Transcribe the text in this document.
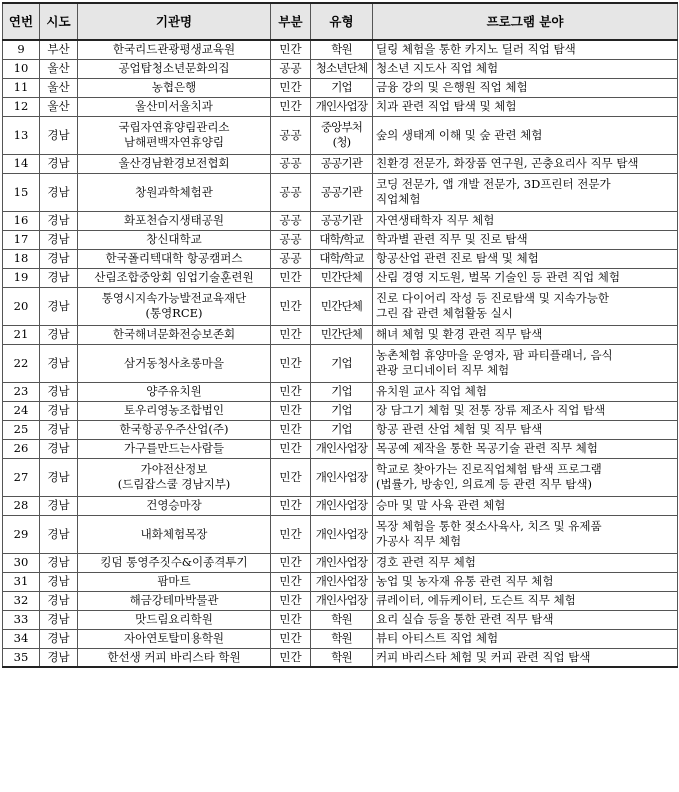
연번	시도	기관명	부분	유형	프로그램 분야
9	부산	한국리드관광평생교육원	민간	학원	딜링 체험을 통한 카지노 딜러 직업 탐색
10	울산	공업탑청소년문화의집	공공	청소년단체	청소년 지도사 직업 체험
11	울산	농협은행	민간	기업	금융 강의 및 은행원 직업 체험
12	울산	울산미서울치과	민간	개인사업장	치과 관련 직업 탐색 및 체험
13	경남	국립자연휴양림관리소
남해편백자연휴양림	공공	중앙부처(청)	숲의 생태계 이해 및 숲 관련 체험
14	경남	울산경남환경보전협회	공공	공공기관	친환경 전문가, 화장품 연구원, 곤충요리사 직무 탐색
15	경남	창원과학체험관	공공	공공기관	코딩 전문가, 앱 개발 전문가, 3D프린터 전문가
직업체험
16	경남	화포천습지생태공원	공공	공공기관	자연생태학자 직무 체험
17	경남	창신대학교	공공	대학/학교	학과별 관련 직무 및 진로 탐색
18	경남	한국폴리텍대학 항공캠퍼스	공공	대학/학교	항공산업 관련 진로 탐색 및 체험
19	경남	산림조합중앙회 임업기술훈련원	민간	민간단체	산림 경영 지도원, 벌목 기술인 등 관련 직업 체험
20	경남	통영시지속가능발전교육재단
(통영RCE)	민간	민간단체	진로 다이어리 작성 등 진로탐색 및 지속가능한
그린 잡 관련 체험활동 실시
21	경남	한국해녀문화전승보존회	민간	민간단체	해녀 체험 및 환경 관련 직무 탐색
22	경남	삼거동청사초롱마을	민간	기업	농촌체험 휴양마을 운영자, 팜 파티플래너, 음식
관광 코디네이터 직무 체험
23	경남	양주유치원	민간	기업	유치원 교사 직업 체험
24	경남	토우리영농조합법인	민간	기업	장 담그기 체험 및 전통 장류 제조사 직업 탐색
25	경남	한국항공우주산업(주)	민간	기업	항공 관련 산업 체험 및 직무 탐색
26	경남	가구를만드는사람들	민간	개인사업장	목공예 제작을 통한 목공기술 관련 직무 체험
27	경남	가야전산정보
(드림잡스쿨 경남지부)	민간	개인사업장	학교로 찾아가는 진로직업체험 탐색 프로그램
(법률가, 방송인, 의료계 등 관련 직무 탐색)
28	경남	건영승마장	민간	개인사업장	승마 및 말 사육 관련 체험
29	경남	내화체험목장	민간	개인사업장	목장 체험을 통한 젖소사육사, 치즈 및 유제품
가공사 직무 체험
30	경남	킹덤 통영주짓수&이종격투기	민간	개인사업장	경호 관련 직무 체험
31	경남	팜마트	민간	개인사업장	농업 및 농자재 유통 관련 직무 체험
32	경남	해금강테마박물관	민간	개인사업장	큐레이터, 에듀케이터, 도슨트 직무 체험
33	경남	맛드림요리학원	민간	학원	요리 실습 등을 통한 관련 직무 탐색
34	경남	자아연토탈미용학원	민간	학원	뷰티 아티스트 직업 체험
35	경남	한선생 커피 바리스타 학원	민간	학원	커피 바리스타 체험 및 커피 관련 직업 탐색
